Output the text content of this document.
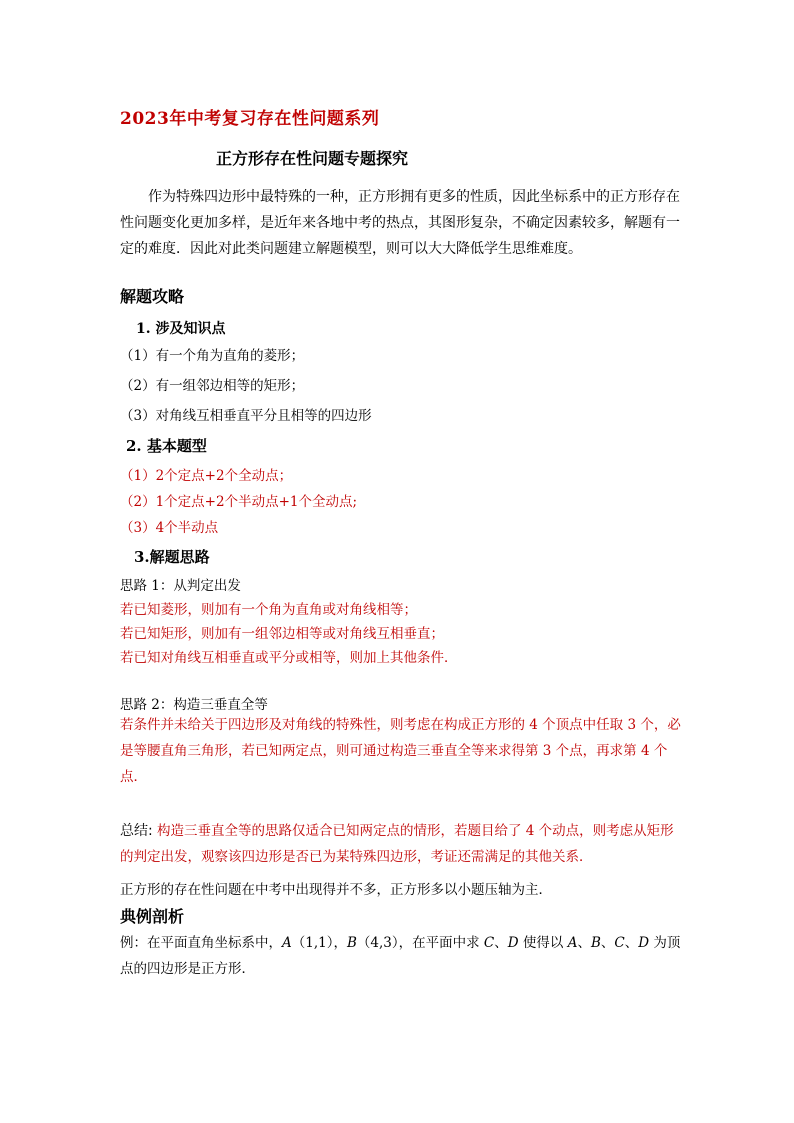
2023年中考复习存在性问题系列
正方形存在性问题专题探究
作为特殊四边形中最特殊的一种，正方形拥有更多的性质，因此坐标系中的正方形存在性问题变化更加多样，是近年来各地中考的热点，其图形复杂，不确定因素较多，解题有一定的难度．因此对此类问题建立解题模型，则可以大大降低学生思维难度。
解题攻略
1. 涉及知识点
（1）有一个角为直角的菱形；
（2）有一组邻边相等的矩形；
（3）对角线互相垂直平分且相等的四边形
2. 基本题型
（1）2个定点+2个全动点；
（2）1个定点+2个半动点+1个全动点;
（3）4个半动点
3.解题思路
思路 1：从判定出发
若已知菱形，则加有一个角为直角或对角线相等；
若已知矩形，则加有一组邻边相等或对角线互相垂直；
若已知对角线互相垂直或平分或相等，则加上其他条件．
思路 2：构造三垂直全等
若条件并未给关于四边形及对角线的特殊性，则考虑在构成正方形的 4 个顶点中任取 3 个，必是等腰直角三角形，若已知两定点，则可通过构造三垂直全等来求得第 3 个点，再求第 4 个点．
总结: 构造三垂直全等的思路仅适合已知两定点的情形，若题目给了 4 个动点，则考虑从矩形的判定出发，观察该四边形是否已为某特殊四边形，考证还需满足的其他关系．
正方形的存在性问题在中考中出现得并不多，正方形多以小题压轴为主．
典例剖析
例：在平面直角坐标系中，A（1,1），B（4,3），在平面中求 C、D 使得以 A、B、C、D 为顶点的四边形是正方形．
